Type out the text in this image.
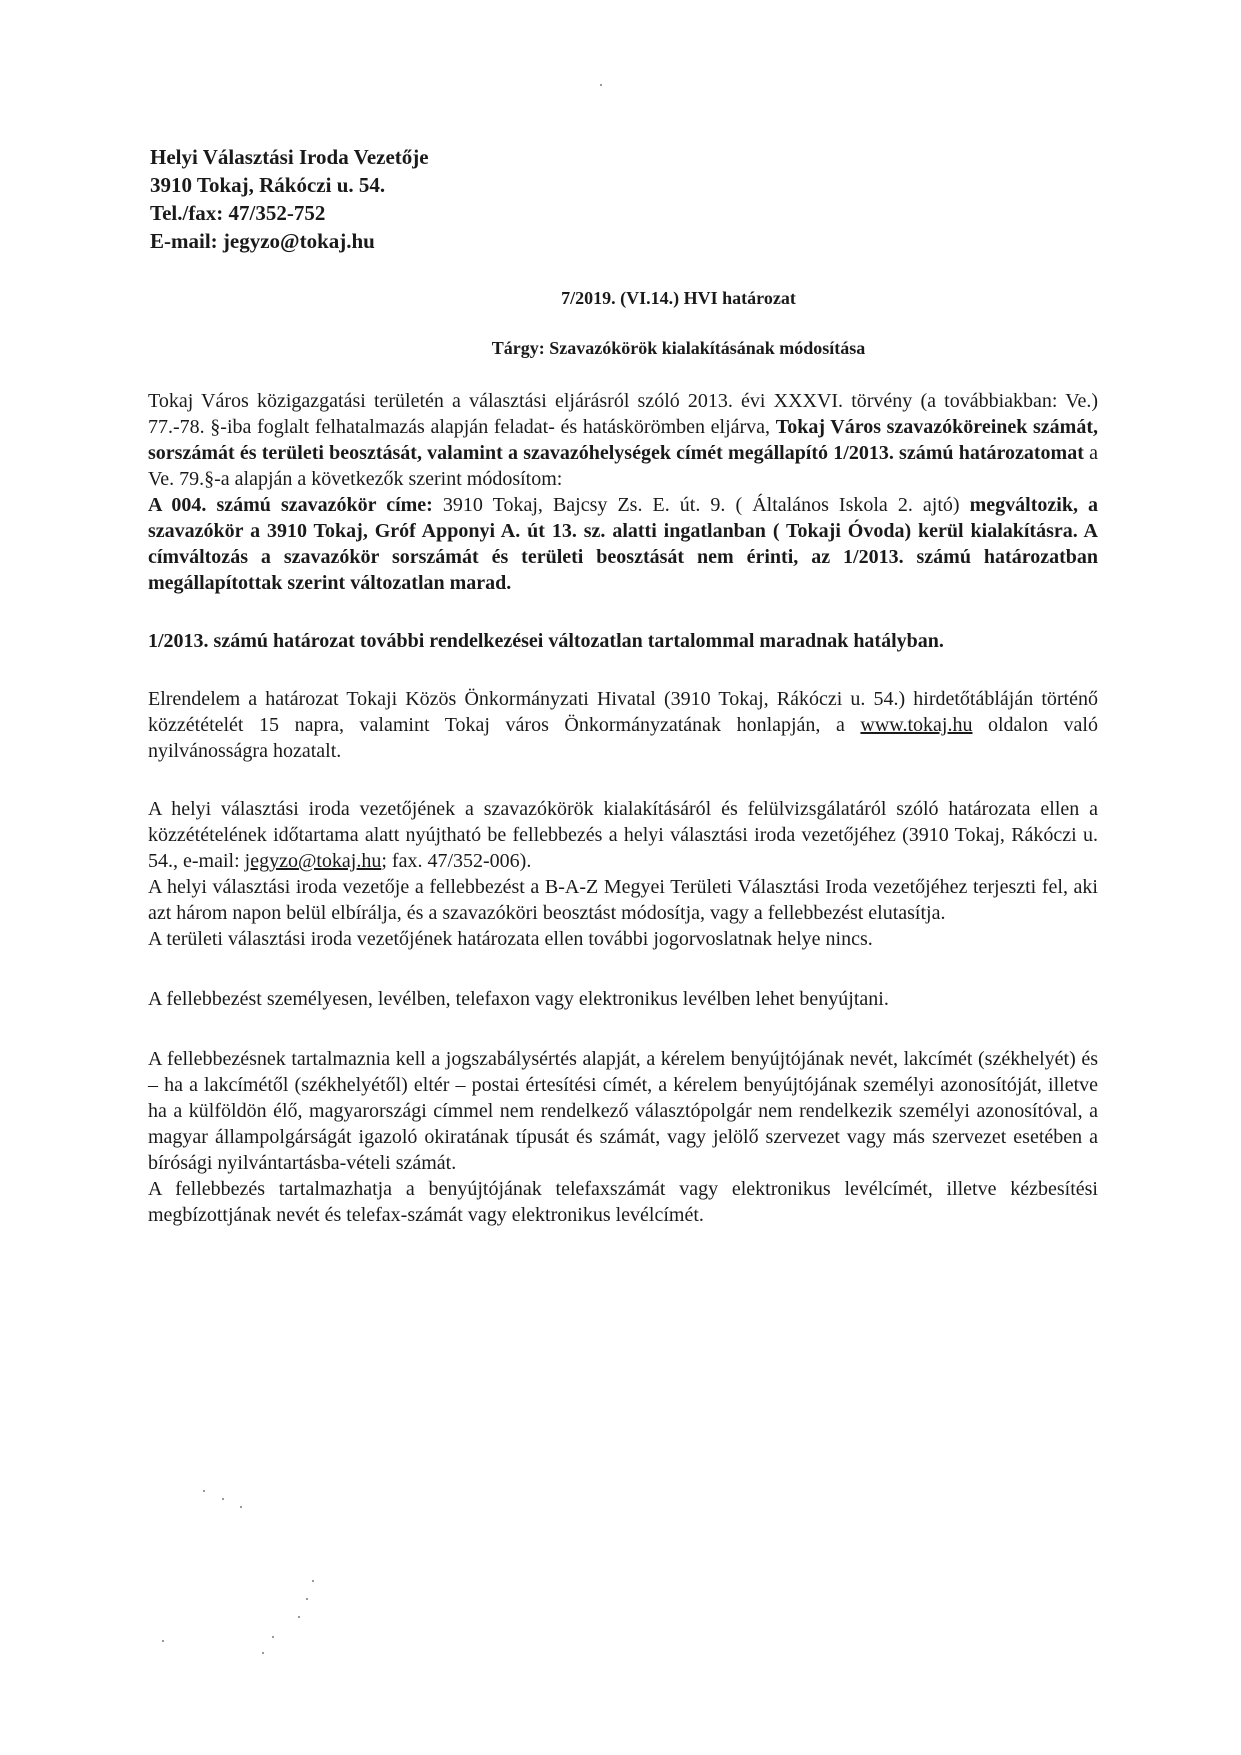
Helyi Választási Iroda Vezetője
3910 Tokaj, Rákóczi u. 54.
Tel./fax: 47/352-752
E-mail: jegyzo@tokaj.hu
7/2019. (VI.14.) HVI határozat
Tárgy: Szavazókörök kialakításának módosítása

Tokaj Város közigazgatási területén a választási eljárásról szóló 2013. évi XXXVI. törvény (a továbbiakban: Ve.) 77.-78. §-iba foglalt felhatalmazás alapján feladat- és hatáskörömben eljárva, Tokaj Város szavazóköreinek számát, sorszámát és területi beosztását, valamint a szavazóhelységek címét megállapító 1/2013. számú határozatomat a Ve. 79.§-a alapján a következők szerint módosítom:

A 004. számú szavazókör címe: 3910 Tokaj, Bajcsy Zs. E. út. 9. ( Általános Iskola 2. ajtó) megváltozik, a szavazókör a 3910 Tokaj, Gróf Apponyi A. út 13. sz. alatti ingatlanban ( Tokaji Óvoda) kerül kialakításra. A címváltozás a szavazókör sorszámát és területi beosztását nem érinti, az 1/2013. számú határozatban megállapítottak szerint változatlan marad.

1/2013. számú határozat további rendelkezései változatlan tartalommal maradnak hatályban.

Elrendelem a határozat Tokaji Közös Önkormányzati Hivatal (3910 Tokaj, Rákóczi u. 54.) hirdetőtábláján történő közzétételét 15 napra, valamint Tokaj város Önkormányzatának honlapján, a www.tokaj.hu oldalon való nyilvánosságra hozatalt.

A helyi választási iroda vezetőjének a szavazókörök kialakításáról és felülvizsgálatáról szóló határozata ellen a közzétételének időtartama alatt nyújtható be fellebbezés a helyi választási iroda vezetőjéhez (3910 Tokaj, Rákóczi u. 54., e-mail: jegyzo@tokaj.hu; fax. 47/352-006).

A helyi választási iroda vezetője a fellebbezést a B-A-Z Megyei Területi Választási Iroda vezetőjéhez terjeszti fel, aki azt három napon belül elbírálja, és a szavazóköri beosztást módosítja, vagy a fellebbezést elutasítja.

A területi választási iroda vezetőjének határozata ellen további jogorvoslatnak helye nincs.

A fellebbezést személyesen, levélben, telefaxon vagy elektronikus levélben lehet benyújtani.

A fellebbezésnek tartalmaznia kell a jogszabálysértés alapját, a kérelem benyújtójának nevét, lakcímét (székhelyét) és – ha a lakcímétől (székhelyétől) eltér – postai értesítési címét, a kérelem benyújtójának személyi azonosítóját, illetve ha a külföldön élő, magyarországi címmel nem rendelkező választópolgár nem rendelkezik személyi azonosítóval, a magyar állampolgárságát igazoló okiratának típusát és számát, vagy jelölő szervezet vagy más szervezet esetében a bírósági nyilvántartásba-vételi számát.

A fellebbezés tartalmazhatja a benyújtójának telefaxszámát vagy elektronikus levélcímét, illetve kézbesítési megbízottjának nevét és telefax-számát vagy elektronikus levélcímét.
